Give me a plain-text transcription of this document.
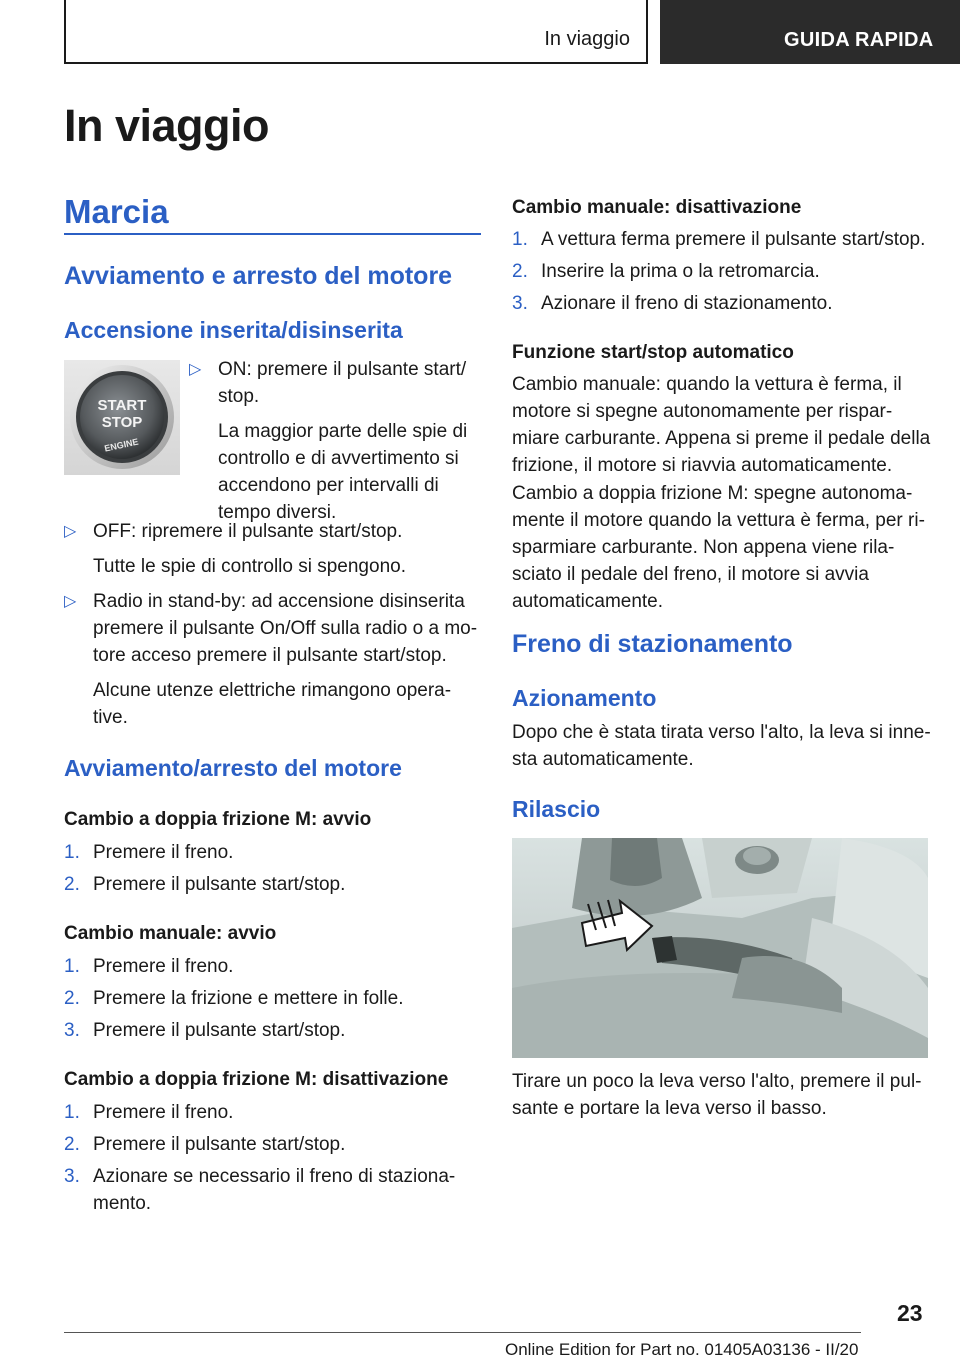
In viaggio	GUIDA RAPIDA
In viaggio
Marcia
Avviamento e arresto del motore
Accensione inserita/disinserita
START
STOP
ENGINE
▷ ON: premere il pulsante start/
stop.
La maggior parte delle spie di
controllo e di avvertimento si
accendono per intervalli di
tempo diversi.
▷ OFF: ripremere il pulsante start/stop.
Tutte le spie di controllo si spengono.
▷ Radio in stand-by: ad accensione disinserita
premere il pulsante On/Off sulla radio o a mo-
tore acceso premere il pulsante start/stop.
Alcune utenze elettriche rimangono opera-
tive.
Avviamento/arresto del motore
Cambio a doppia frizione M: avvio
1. Premere il freno.
2. Premere il pulsante start/stop.
Cambio manuale: avvio
1. Premere il freno.
2. Premere la frizione e mettere in folle.
3. Premere il pulsante start/stop.
Cambio a doppia frizione M: disattivazione
1. Premere il freno.
2. Premere il pulsante start/stop.
3. Azionare se necessario il freno di staziona-
mento.
Cambio manuale: disattivazione
1. A vettura ferma premere il pulsante start/stop.
2. Inserire la prima o la retromarcia.
3. Azionare il freno di stazionamento.
Funzione start/stop automatico
Cambio manuale: quando la vettura è ferma, il
motore si spegne autonomamente per rispar-
miare carburante. Appena si preme il pedale della
frizione, il motore si riavvia automaticamente.
Cambio a doppia frizione M: spegne autonoma-
mente il motore quando la vettura è ferma, per ri-
sparmiare carburante. Non appena viene rila-
sciato il pedale del freno, il motore si avvia
automaticamente.
Freno di stazionamento
Azionamento
Dopo che è stata tirata verso l'alto, la leva si inne-
sta automaticamente.
Rilascio
Tirare un poco la leva verso l'alto, premere il pul-
sante e portare la leva verso il basso.
23
Online Edition for Part no. 01405A03136 - II/20
